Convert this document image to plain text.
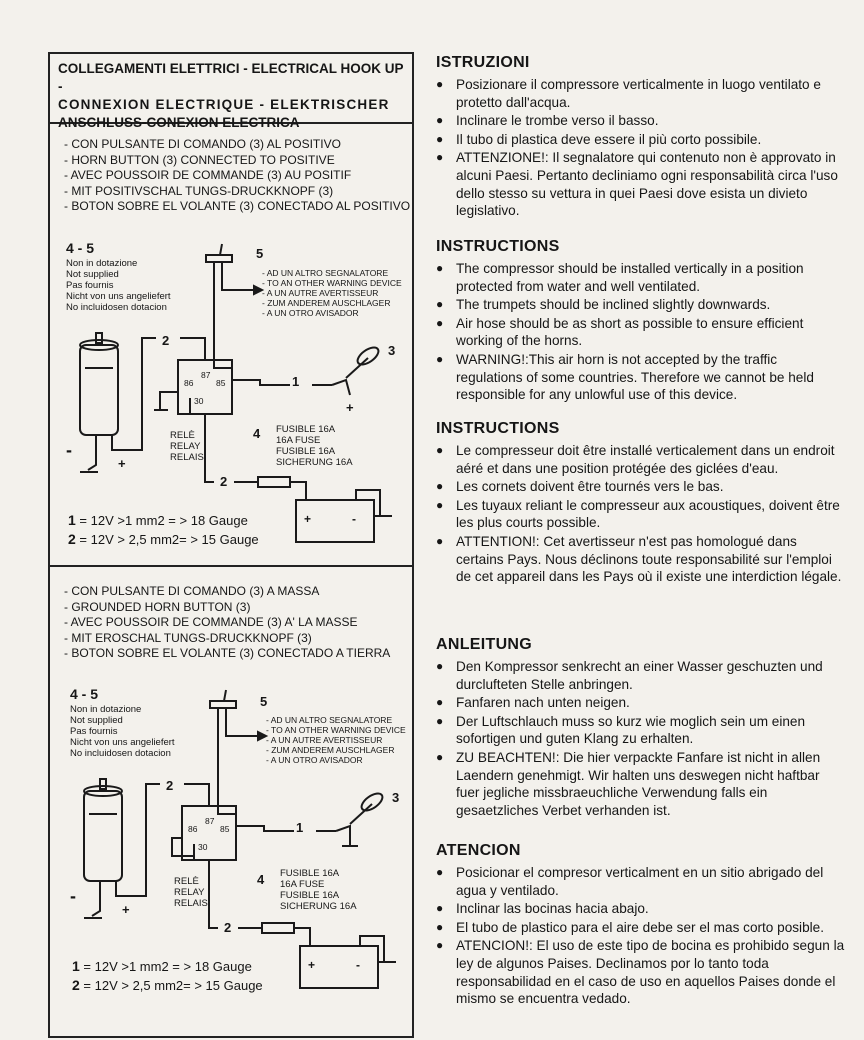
COLLEGAMENTI ELETTRICI - ELECTRICAL HOOK UP -
CONNEXION ELECTRIQUE - ELEKTRISCHER
ANSCHLUSS-CONEXION ELECTRICA
- CON PULSANTE DI COMANDO (3) AL POSITIVO
- HORN BUTTON (3) CONNECTED TO POSITIVE
- AVEC POUSSOIR DE COMMANDE (3) AU POSITIF
- MIT POSITIVSCHAL TUNGS-DRUCKKNOPF (3)
- BOTON SOBRE EL VOLANTE (3) CONECTADO AL POSITIVO
4 - 5
Non in dotazione
Not supplied
Pas fournis
Nicht von uns angeliefert
No incluidosen dotacion
- AD UN ALTRO SEGNALATORE
- TO AN OTHER WARNING DEVICE
- A UN AUTRE AVERTISSEUR
- ZUM ANDEREM AUSCHLAGER
- A UN OTRO AVISADOR
RELÈ
RELAY
RELAIS
FUSIBLE 16A
16A FUSE
FUSIBLE 16A
SICHERUNG 16A
5
2
1
3
4
2
+
+
-
86
87
85
30
1 = 12V >1 mm2 = > 18 Gauge
2 = 12V > 2,5 mm2= > 15 Gauge
- CON PULSANTE DI COMANDO (3) A MASSA
- GROUNDED HORN BUTTON (3)
- AVEC POUSSOIR DE COMMANDE (3) A' LA MASSE
- MIT EROSCHAL TUNGS-DRUCKKNOPF (3)
- BOTON SOBRE EL VOLANTE (3) CONECTADO A TIERRA
4 - 5
Non in dotazione
Not supplied
Pas fournis
Nicht von uns angeliefert
No incluidosen dotacion
- AD UN ALTRO SEGNALATORE
- TO AN OTHER WARNING DEVICE
- A UN AUTRE AVERTISSEUR
- ZUM ANDEREM AUSCHLAGER
- A UN OTRO AVISADOR
RELÈ
RELAY
RELAIS
FUSIBLE 16A
16A FUSE
FUSIBLE 16A
SICHERUNG 16A
5
2
1
3
4
2
+
-
86
87
85
30
1 = 12V >1 mm2 = > 18 Gauge
2 = 12V > 2,5 mm2= > 15 Gauge
+	-
+	-
ISTRUZIONI
● Posizionare il compressore verticalmente in luogo ventilato e protetto dall'acqua.
● Inclinare le trombe verso il basso.
● Il tubo di plastica deve essere il più corto possibile.
● ATTENZIONE!: Il segnalatore qui contenuto non è approvato in alcuni Paesi. Pertanto decliniamo ogni responsabilità circa l'uso dello stesso su vettura in quei Paesi dove esista un divieto legislativo.
INSTRUCTIONS
● The compressor should be installed vertically in a position protected from water and well ventilated.
● The trumpets should be inclined slightly downwards.
● Air hose should be as short as possible to ensure efficient working of the horns.
● WARNING!:This air horn is not accepted by the traffic regulations of some countries. Therefore we cannot be held responsible for any unlowful use of this device.
INSTRUCTIONS
● Le compresseur doit être installé verticalement dans un endroit aéré et dans une position protégée des giclées d'eau.
● Les cornets doivent être tournés vers le bas.
● Les tuyaux reliant le compresseur aux acoustiques, doivent être les plus courts possible.
● ATTENTION!: Cet avertisseur n'est pas homologué dans certains Pays. Nous déclinons toute responsabilité sur l'emploi de cet appareil dans les Pays où il existe une interdiction légale.
ANLEITUNG
● Den Kompressor senkrecht an einer Wasser geschuzten und durclufteten Stelle anbringen.
● Fanfaren nach unten neigen.
● Der Luftschlauch muss so kurz wie moglich sein um einen sofortigen und guten Klang zu erhalten.
● ZU BEACHTEN!: Die hier verpackte Fanfare ist nicht in allen Laendern genehmigt. Wir halten uns deswegen nicht haftbar fuer jegliche missbraeuchliche Verwendung falls ein gesaetzliches Verbet verhanden ist.
ATENCION
● Posicionar el compresor verticalment en un sitio abrigado del agua y ventilado.
● Inclinar las bocinas hacia abajo.
● El tubo de plastico para el aire debe ser el mas corto posible.
● ATENCION!: El uso de este tipo de bocina es prohibido segun la ley de algunos Paises. Declinamos por lo tanto toda responsabilidad en el caso de uso en aquellos Paises donde el mismo se encuentra vedado.
